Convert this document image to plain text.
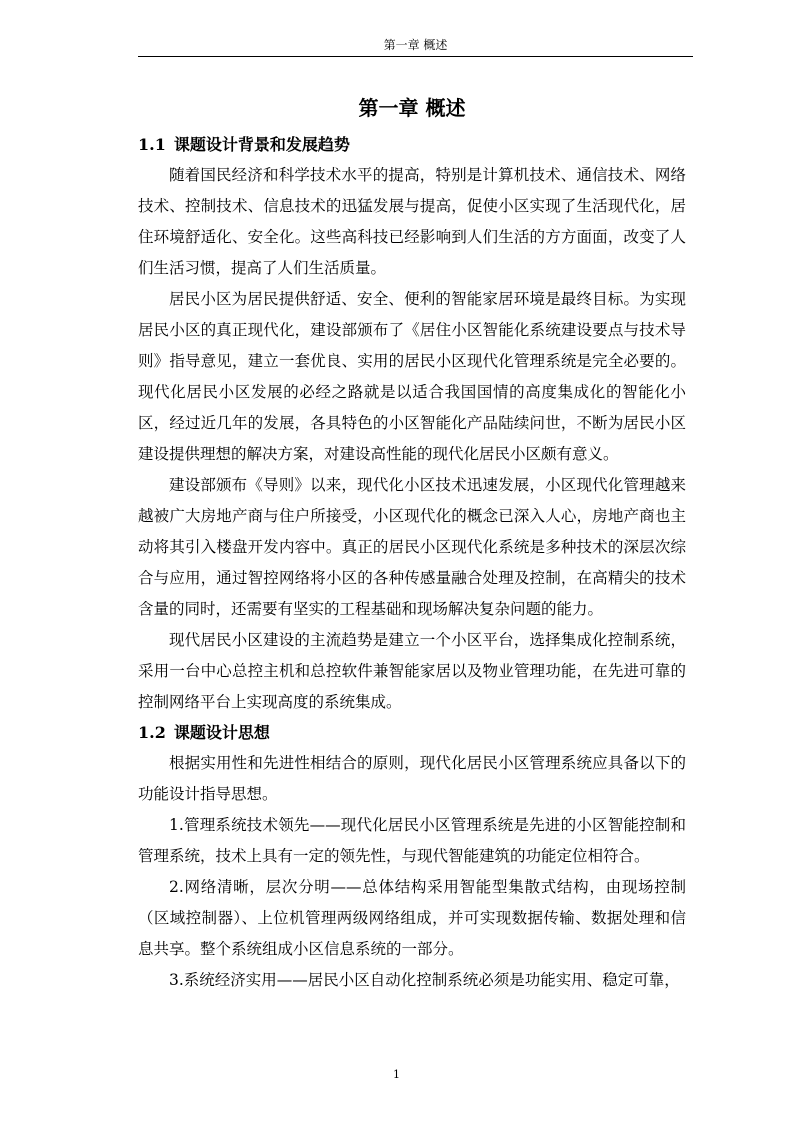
第一章 概述
第一章 概述
1.1 课题设计背景和发展趋势

随着国民经济和科学技术水平的提高，特别是计算机技术、通信技术、网络技术、控制技术、信息技术的迅猛发展与提高，促使小区实现了生活现代化，居住环境舒适化、安全化。这些高科技已经影响到人们生活的方方面面，改变了人们生活习惯，提高了人们生活质量。

居民小区为居民提供舒适、安全、便利的智能家居环境是最终目标。为实现居民小区的真正现代化，建设部颁布了《居住小区智能化系统建设要点与技术导则》指导意见，建立一套优良、实用的居民小区现代化管理系统是完全必要的。现代化居民小区发展的必经之路就是以适合我国国情的高度集成化的智能化小区，经过近几年的发展，各具特色的小区智能化产品陆续问世，不断为居民小区建设提供理想的解决方案，对建设高性能的现代化居民小区颇有意义。

建设部颁布《导则》以来，现代化小区技术迅速发展，小区现代化管理越来越被广大房地产商与住户所接受，小区现代化的概念已深入人心，房地产商也主动将其引入楼盘开发内容中。真正的居民小区现代化系统是多种技术的深层次综合与应用，通过智控网络将小区的各种传感量融合处理及控制，在高精尖的技术含量的同时，还需要有坚实的工程基础和现场解决复杂问题的能力。

现代居民小区建设的主流趋势是建立一个小区平台，选择集成化控制系统，采用一台中心总控主机和总控软件兼智能家居以及物业管理功能，在先进可靠的控制网络平台上实现高度的系统集成。

1.2 课题设计思想

根据实用性和先进性相结合的原则，现代化居民小区管理系统应具备以下的功能设计指导思想。

1.管理系统技术领先——现代化居民小区管理系统是先进的小区智能控制和管理系统，技术上具有一定的领先性，与现代智能建筑的功能定位相符合。

2.网络清晰，层次分明——总体结构采用智能型集散式结构，由现场控制（区域控制器）、上位机管理两级网络组成，并可实现数据传输、数据处理和信息共享。整个系统组成小区信息系统的一部分。

3.系统经济实用——居民小区自动化控制系统必须是功能实用、稳定可靠，

1
